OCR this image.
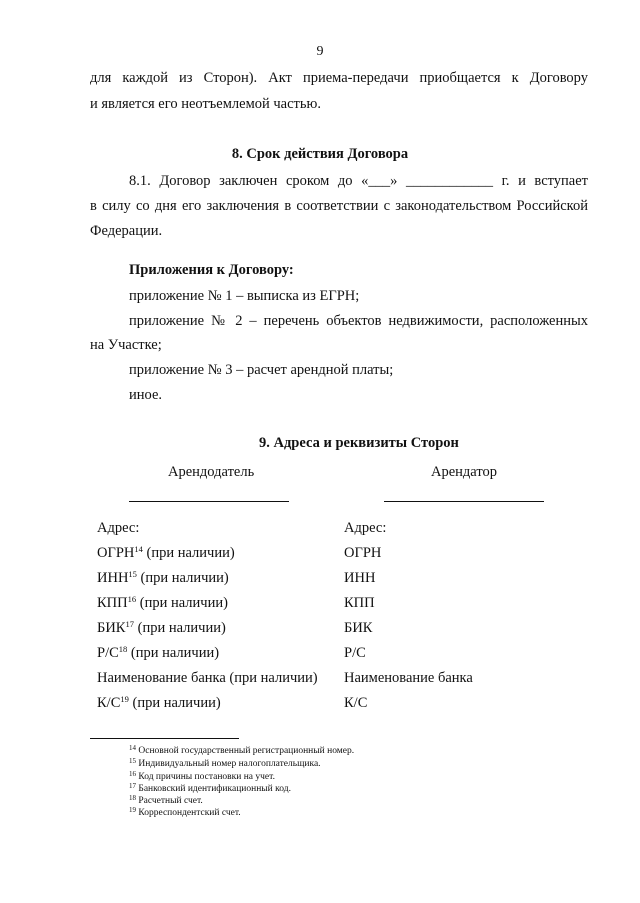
9
для каждой из Сторон). Акт приема-передачи приобщается к Договору
и является его неотъемлемой частью.
8. Срок действия Договора
8.1. Договор заключен сроком до «___» ____________ г. и вступает
в силу со дня его заключения в соответствии с законодательством Российской
Федерации.
Приложения к Договору:
приложение № 1 – выписка из ЕГРН;
приложение № 2 – перечень объектов недвижимости, расположенных
на Участке;
приложение № 3 – расчет арендной платы;
иное.
9. Адреса и реквизиты Сторон
Арендодатель	Арендатор
Адрес:
ОГРН$^{14}$ (при наличии)
ИНН$^{15}$ (при наличии)
КПП$^{16}$ (при наличии)
БИК$^{17}$ (при наличии)
$Р/С^{18}$ (при наличии)
Наименование банка (при наличии)
$К/С^{19}$ (при наличии)
Адрес:
ОГРН
ИНН
КПП
БИК
Р/С
Наименование банка
К/С
$^{14}$ Основной государственный регистрационный номер.
$^{15}$ Индивидуальный номер налогоплательщика.
$^{16}$ Код причины постановки на учет.
$^{17}$ Банковский идентификационный код.
$^{18}$ Расчетный счет.
$^{19}$ Корреспондентский счет.
